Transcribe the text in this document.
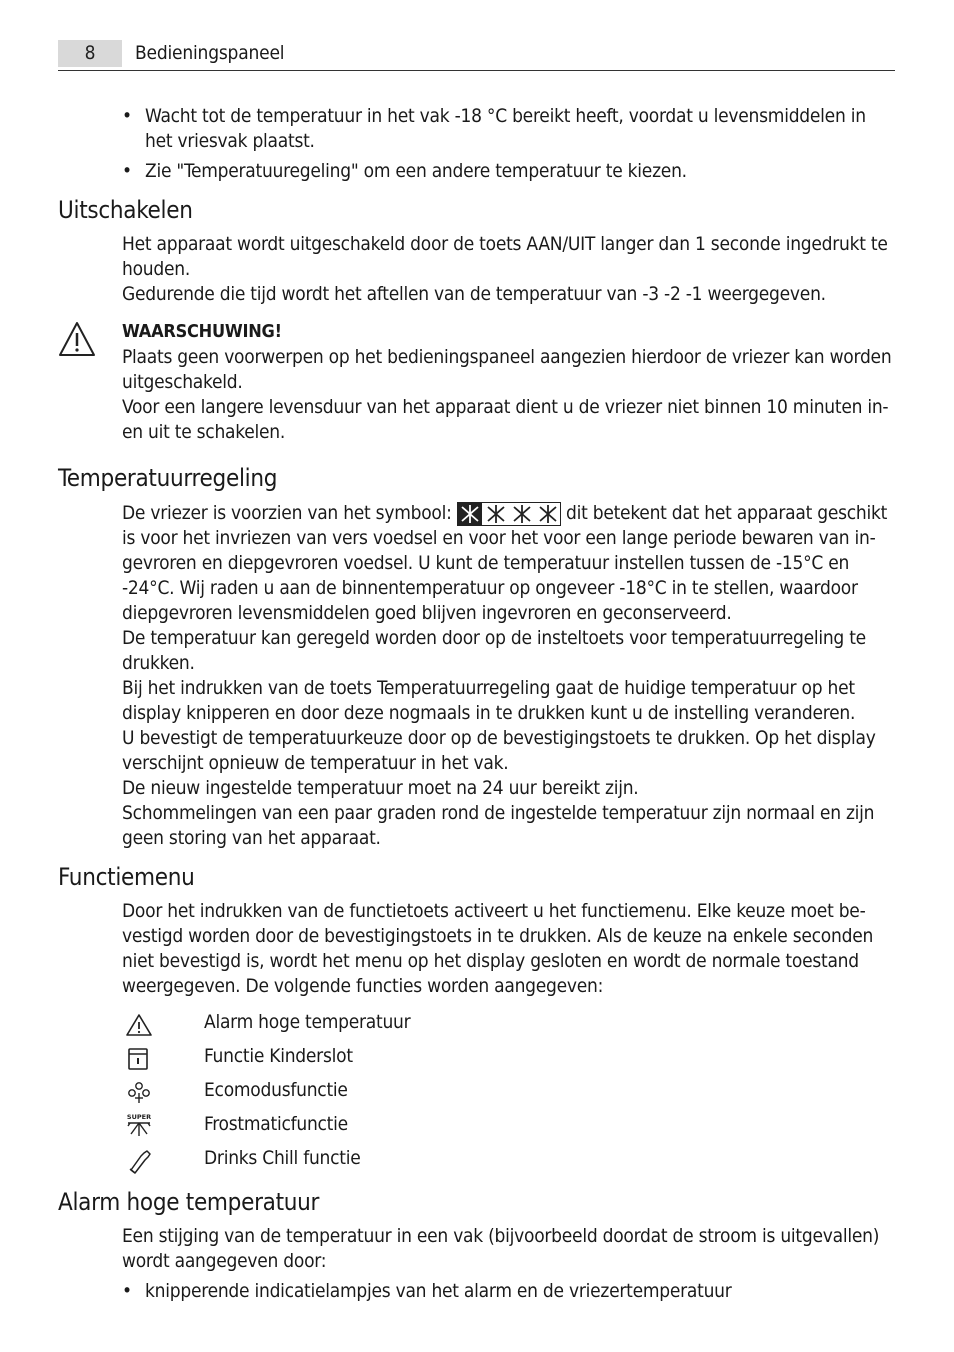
8	Bedieningspaneel
• Wacht tot de temperatuur in het vak -18 °C bereikt heeft, voordat u levensmiddelen in
het vriesvak plaatst.
• Zie "Temperatuuregeling" om een andere temperatuur te kiezen.
Uitschakelen
Het apparaat wordt uitgeschakeld door de toets AAN/UIT langer dan 1 seconde ingedrukt te
houden.
Gedurende die tijd wordt het aftellen van de temperatuur van -3 -2 -1 weergegeven.
WAARSCHUWING!
Plaats geen voorwerpen op het bedieningspaneel aangezien hierdoor de vriezer kan worden
uitgeschakeld.
Voor een langere levensduur van het apparaat dient u de vriezer niet binnen 10 minuten in-
en uit te schakelen.
Temperatuurregeling
De vriezer is voorzien van het symbool:	dit betekent dat het apparaat geschikt
is voor het invriezen van vers voedsel en voor het voor een lange periode bewaren van in-
gevroren en diepgevroren voedsel. U kunt de temperatuur instellen tussen de -15°C en
-24°C. Wij raden u aan de binnentemperatuur op ongeveer -18°C in te stellen, waardoor
diepgevroren levensmiddelen goed blijven ingevroren en geconserveerd.
De temperatuur kan geregeld worden door op de insteltoets voor temperatuurregeling te
drukken.
Bij het indrukken van de toets Temperatuurregeling gaat de huidige temperatuur op het
display knipperen en door deze nogmaals in te drukken kunt u de instelling veranderen.
U bevestigt de temperatuurkeuze door op de bevestigingstoets te drukken. Op het display
verschijnt opnieuw de temperatuur in het vak.
De nieuw ingestelde temperatuur moet na 24 uur bereikt zijn.
Schommelingen van een paar graden rond de ingestelde temperatuur zijn normaal en zijn
geen storing van het apparaat.
Functiemenu
Door het indrukken van de functietoets activeert u het functiemenu. Elke keuze moet be-
vestigd worden door de bevestigingstoets in te drukken. Als de keuze na enkele seconden
niet bevestigd is, wordt het menu op het display gesloten en wordt de normale toestand
weergegeven. De volgende functies worden aangegeven:
Alarm hoge temperatuur
Functie Kinderslot
Ecomodusfunctie
SUPER	Frostmaticfunctie
Drinks Chill functie
Alarm hoge temperatuur
Een stijging van de temperatuur in een vak (bijvoorbeeld doordat de stroom is uitgevallen)
wordt aangegeven door:
• knipperende indicatielampjes van het alarm en de vriezertemperatuur
